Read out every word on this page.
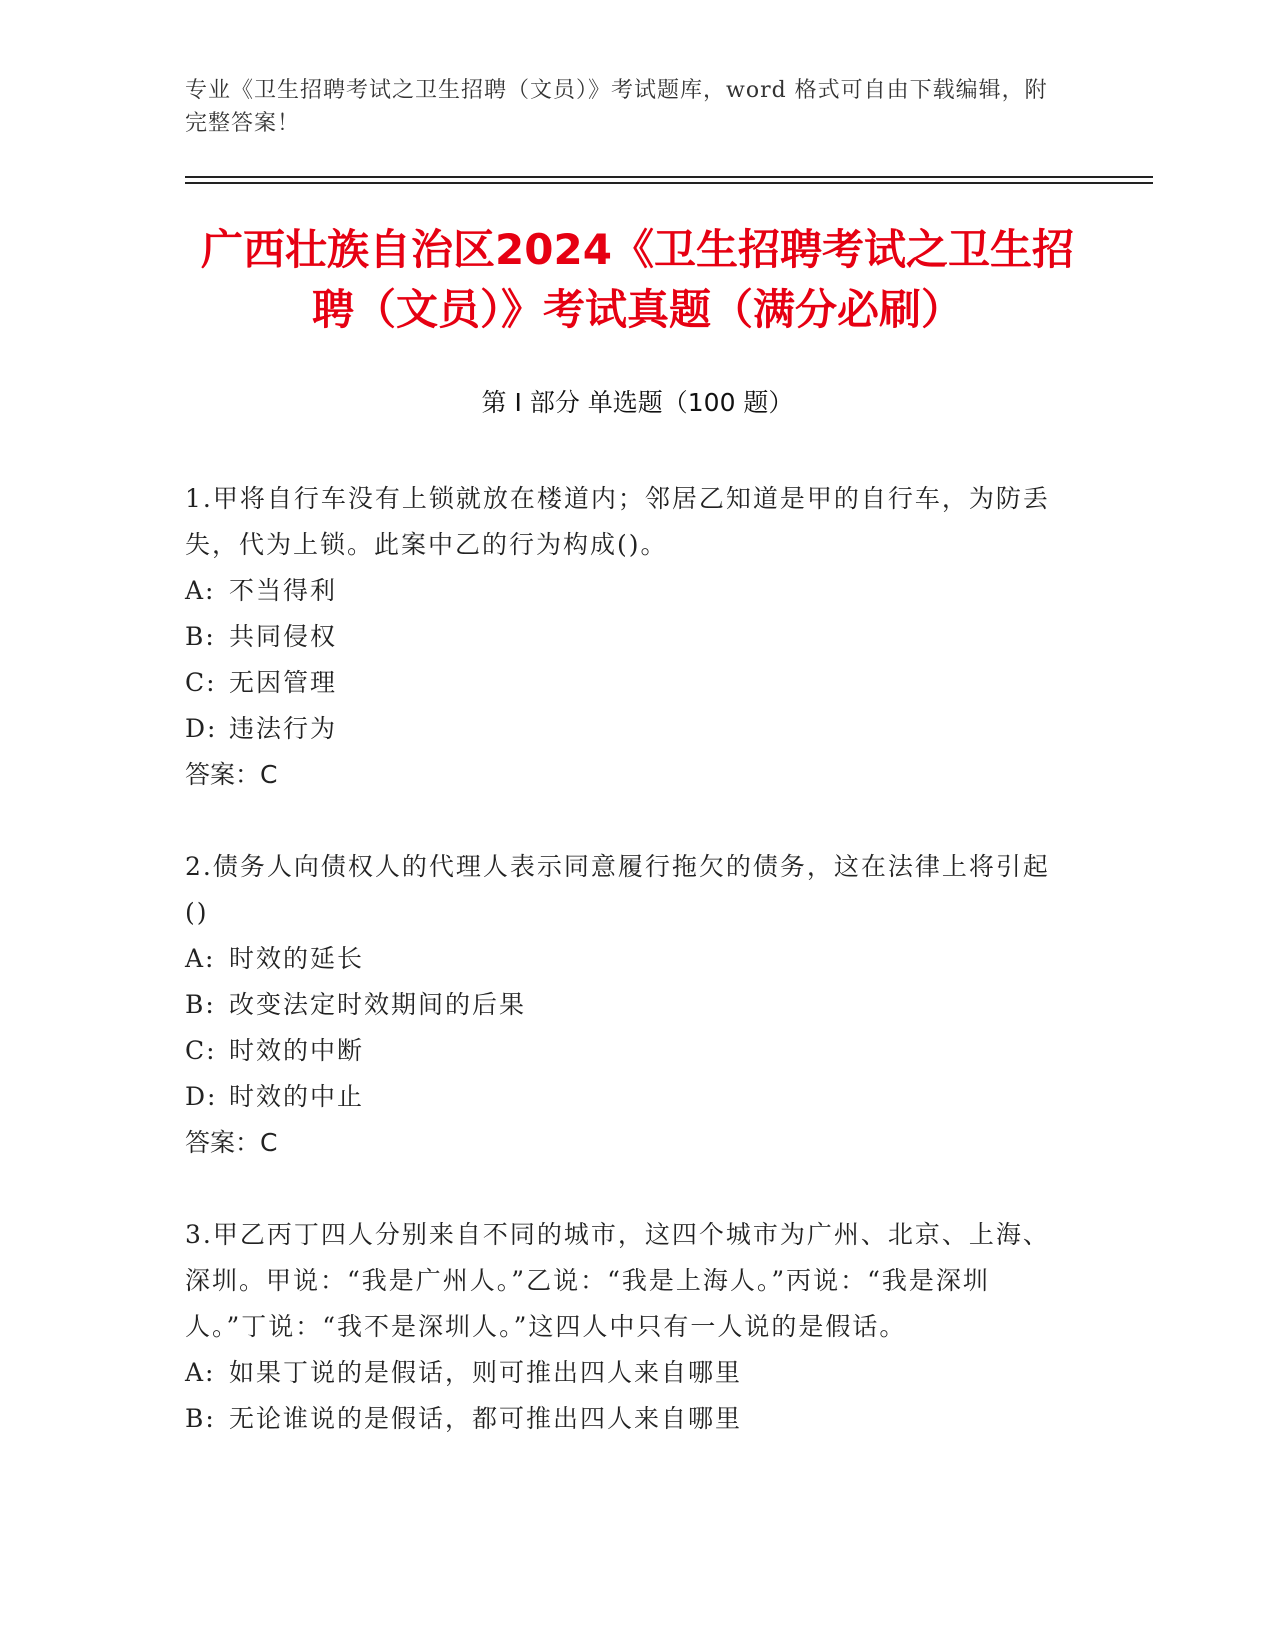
专业《卫生招聘考试之卫生招聘（文员）》考试题库，word 格式可自由下载编辑，附完整答案！
广西壮族自治区2024《卫生招聘考试之卫生招聘（文员）》考试真题（满分必刷）
第 I 部分 单选题（100 题）

1.甲将自行车没有上锁就放在楼道内；邻居乙知道是甲的自行车，为防丢失，代为上锁。此案中乙的行为构成()。

A: 不当得利

B: 共同侵权

C: 无因管理

D: 违法行为

答案：C

2.债务人向债权人的代理人表示同意履行拖欠的债务，这在法律上将引起()

A: 时效的延长

B: 改变法定时效期间的后果

C: 时效的中断

D: 时效的中止

答案：C

3.甲乙丙丁四人分别来自不同的城市，这四个城市为广州、北京、上海、深圳。甲说：“我是广州人。”乙说：“我是上海人。”丙说：“我是深圳人。”丁说：“我不是深圳人。”这四人中只有一人说的是假话。

A: 如果丁说的是假话，则可推出四人来自哪里

B: 无论谁说的是假话，都可推出四人来自哪里
